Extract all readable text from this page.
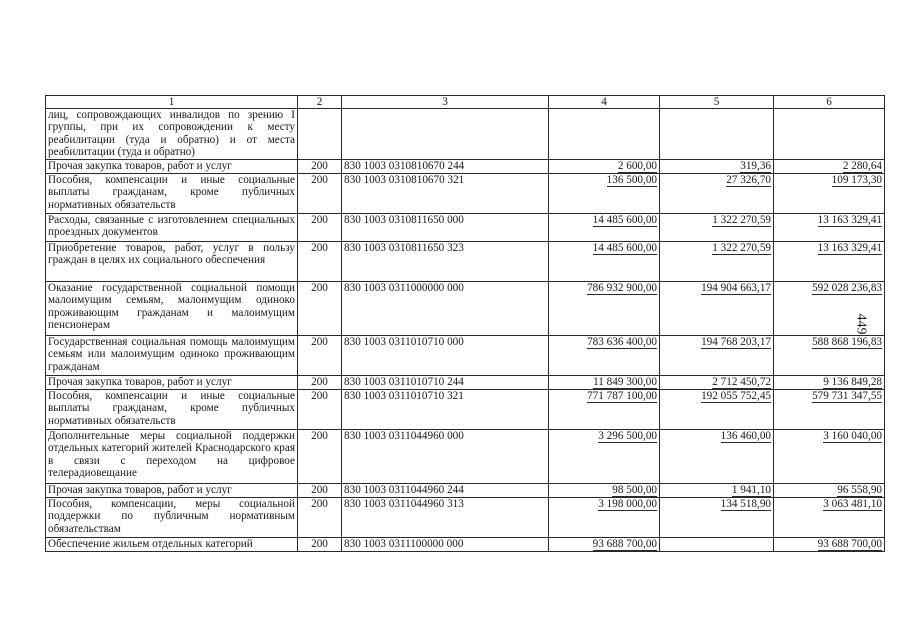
1	2	3	4	5	6
лиц, сопровождающих инвалидов по зрению I группы, при их сопровождении к месту реабилитации (туда и обратно) и от места реабилитации (туда и обратно)					
Прочая закупка товаров, работ и услуг	200	830 1003 0310810670 244	2 600,00	319,36	2 280,64
Пособия, компенсации и иные социальные выплаты гражданам, кроме публичных нормативных обязательств	200	830 1003 0310810670 321	136 500,00	27 326,70	109 173,30
Расходы, связанные с изготовлением специальных проездных документов	200	830 1003 0310811650 000	14 485 600,00	1 322 270,59	13 163 329,41
Приобретение товаров, работ, услуг в пользу граждан в целях их социального обеспечения	200	830 1003 0310811650 323	14 485 600,00	1 322 270,59	13 163 329,41
Оказание государственной социальной помощи малоимущим семьям, малоимущим одиноко проживающим гражданам и малоимущим пенсионерам	200	830 1003 0311000000 000	786 932 900,00	194 904 663,17	592 028 236,83
Государственная социальная помощь малоимущим семьям или малоимущим одиноко проживающим гражданам	200	830 1003 0311010710 000	783 636 400,00	194 768 203,17	588 868 196,83
Прочая закупка товаров, работ и услуг	200	830 1003 0311010710 244	11 849 300,00	2 712 450,72	9 136 849,28
Пособия, компенсации и иные социальные выплаты гражданам, кроме публичных нормативных обязательств	200	830 1003 0311010710 321	771 787 100,00	192 055 752,45	579 731 347,55
Дополнительные меры социальной поддержки отдельных категорий жителей Краснодарского края в связи с переходом на цифровое телерадиовещание	200	830 1003 0311044960 000	3 296 500,00	136 460,00	3 160 040,00
Прочая закупка товаров, работ и услуг	200	830 1003 0311044960 244	98 500,00	1 941,10	96 558,90
Пособия, компенсации, меры социальной поддержки по публичным нормативным обязательствам	200	830 1003 0311044960 313	3 198 000,00	134 518,90	3 063 481,10
Обеспечение жильем отдельных категорий	200	830 1003 0311100000 000	93 688 700,00		93 688 700,00
449
